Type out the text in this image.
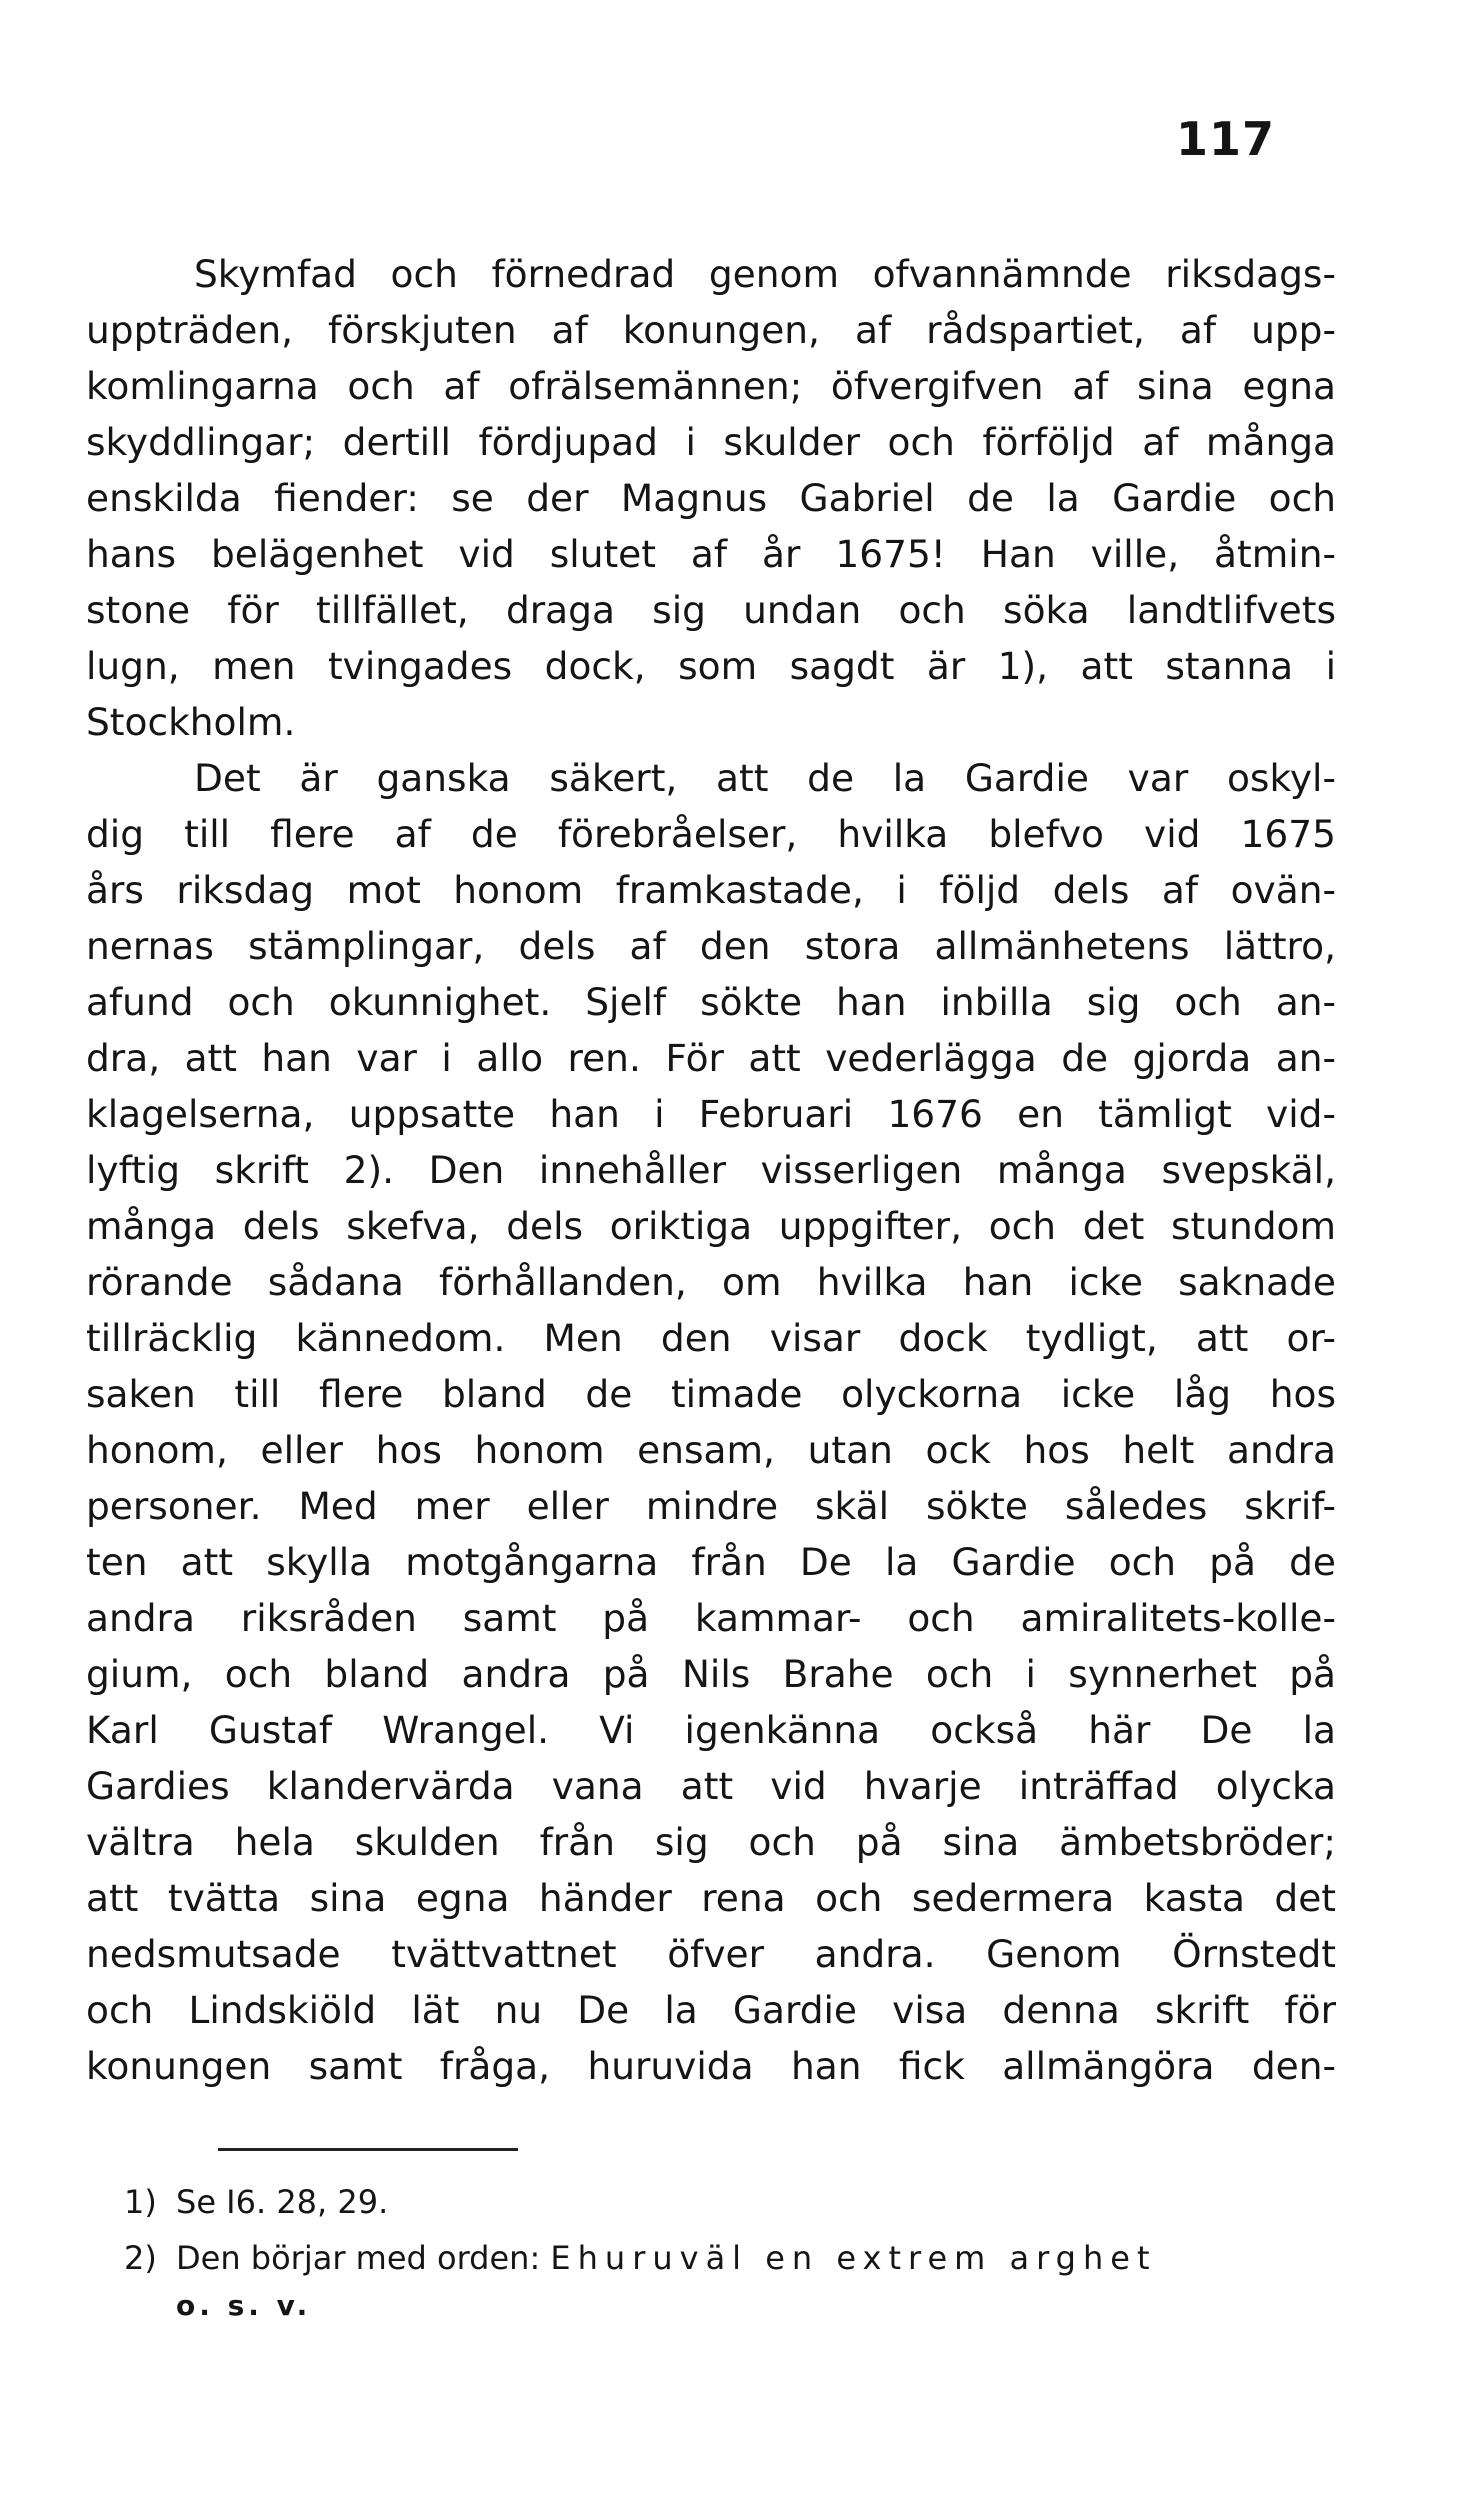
117
Skymfad och förnedrad genom ofvannämnde riksdags-
uppträden, förskjuten af konungen, af rådspartiet, af upp-
komlingarna och af ofrälsemännen; öfvergifven af sina egna
skyddlingar; dertill fördjupad i skulder och förföljd af många
enskilda fiender: se der Magnus Gabriel de la Gardie och
hans belägenhet vid slutet af år 1675! Han ville, åtmin-
stone för tillfället, draga sig undan och söka landtlifvets
lugn, men tvingades dock, som sagdt är 1), att stanna i
Stockholm.
Det är ganska säkert, att de la Gardie var oskyl-
dig till flere af de förebråelser, hvilka blefvo vid 1675
års riksdag mot honom framkastade, i följd dels af ovän-
nernas stämplingar, dels af den stora allmänhetens lättro,
afund och okunnighet. Sjelf sökte han inbilla sig och an-
dra, att han var i allo ren. För att vederlägga de gjorda an-
klagelserna, uppsatte han i Februari 1676 en tämligt vid-
lyftig skrift 2). Den innehåller visserligen många svepskäl,
många dels skefva, dels oriktiga uppgifter, och det stundom
rörande sådana förhållanden, om hvilka han icke saknade
tillräcklig kännedom. Men den visar dock tydligt, att or-
saken till flere bland de timade olyckorna icke låg hos
honom, eller hos honom ensam, utan ock hos helt andra
personer. Med mer eller mindre skäl sökte således skrif-
ten att skylla motgångarna från De la Gardie och på de
andra riksråden samt på kammar- och amiralitets-kolle-
gium, och bland andra på Nils Brahe och i synnerhet på
Karl Gustaf Wrangel. Vi igenkänna också här De la
Gardies klandervärda vana att vid hvarje inträffad olycka
vältra hela skulden från sig och på sina ämbetsbröder;
att tvätta sina egna händer rena och sedermera kasta det
nedsmutsade tvättvattnet öfver andra. Genom Örnstedt
och Lindskiöld lät nu De la Gardie visa denna skrift för
konungen samt fråga, huruvida han fick allmängöra den-
1) Se I6. 28, 29.
2) Den börjar med orden: Ehuruväl en extrem arghet
o. s. v.
